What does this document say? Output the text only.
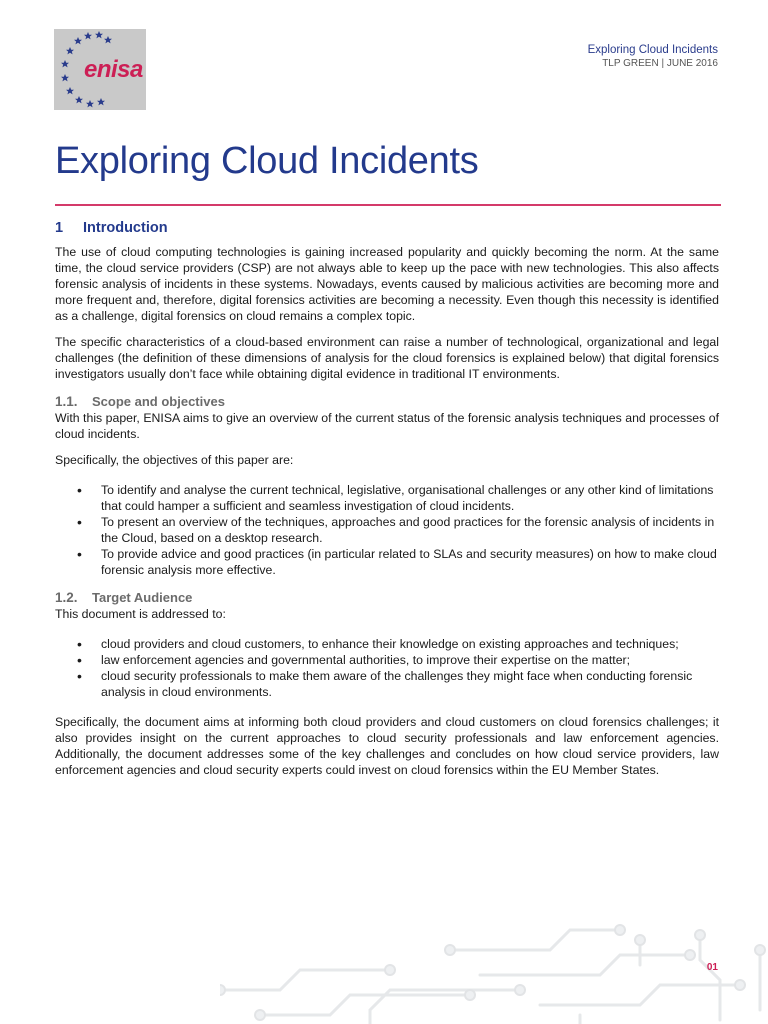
enisa
Exploring Cloud Incidents
TLP GREEN | JUNE 2016
Exploring Cloud Incidents
1 Introduction

The use of cloud computing technologies is gaining increased popularity and quickly becoming the norm. At the same time, the cloud service providers (CSP) are not always able to keep up the pace with new technologies. This also affects forensic analysis of incidents in these systems. Nowadays, events caused by malicious activities are becoming more and more frequent and, therefore, digital forensics activities are becoming a necessity. Even though this necessity is identified as a challenge, digital forensics on cloud remains a complex topic.

The specific characteristics of a cloud-based environment can raise a number of technological, organizational and legal challenges (the definition of these dimensions of analysis for the cloud forensics is explained below) that digital forensics investigators usually don’t face while obtaining digital evidence in traditional IT environments.

1.1. Scope and objectives

With this paper, ENISA aims to give an overview of the current status of the forensic analysis techniques and processes of cloud incidents.

Specifically, the objectives of this paper are:

• To identify and analyse the current technical, legislative, organisational challenges or any other kind of limitations that could hamper a sufficient and seamless investigation of cloud incidents.
• To present an overview of the techniques, approaches and good practices for the forensic analysis of incidents in the Cloud, based on a desktop research.
• To provide advice and good practices (in particular related to SLAs and security measures) on how to make cloud forensic analysis more effective.
1.2. Target Audience

This document is addressed to:

• cloud providers and cloud customers, to enhance their knowledge on existing approaches and techniques;
• law enforcement agencies and governmental authorities, to improve their expertise on the matter;
• cloud security professionals to make them aware of the challenges they might face when conducting forensic analysis in cloud environments.

Specifically, the document aims at informing both cloud providers and cloud customers on cloud forensics challenges; it also provides insight on the current approaches to cloud security professionals and law enforcement agencies. Additionally, the document addresses some of the key challenges and concludes on how cloud service providers, law enforcement agencies and cloud security experts could invest on cloud forensics within the EU Member States.

01
